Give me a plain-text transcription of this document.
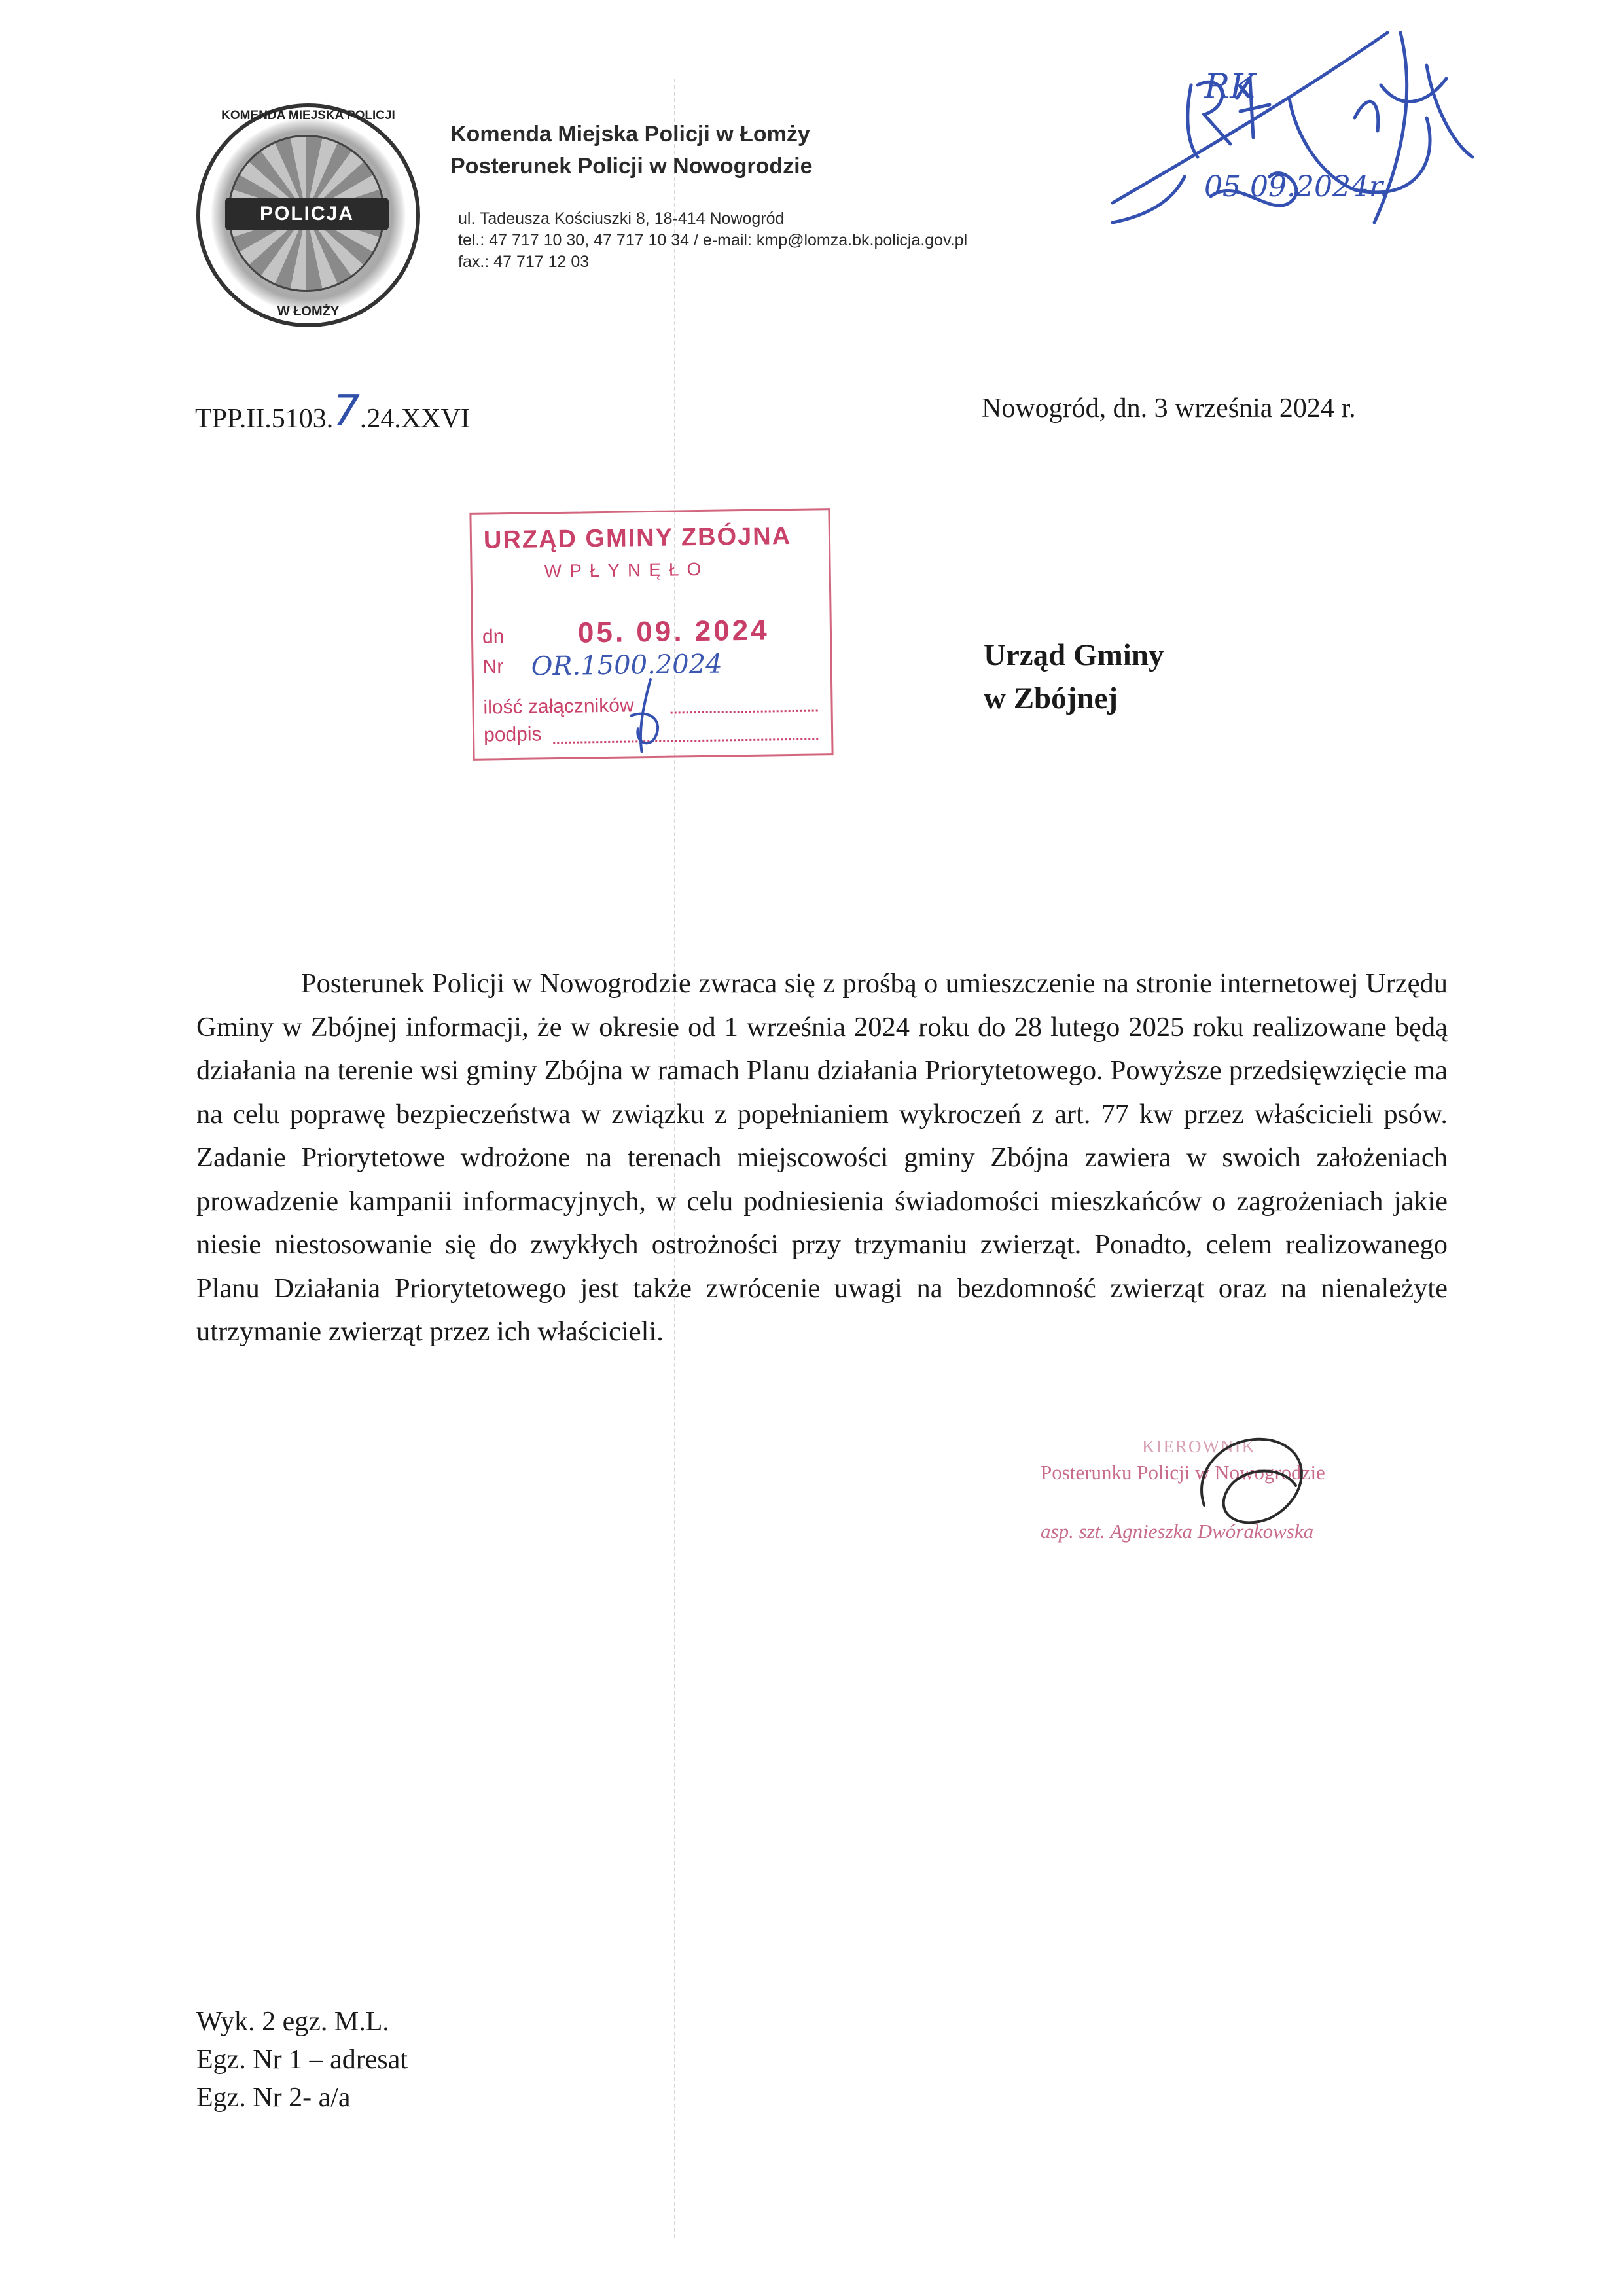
KOMENDA MIEJSKA POLICJI
POLICJA
W ŁOMŻY
Komenda Miejska Policji w Łomży
Posterunek Policji w Nowogrodzie
ul. Tadeusza Kościuszki 8, 18-414 Nowogród
tel.: 47 717 10 30, 47 717 10 34 / e-mail: kmp@lomza.bk.policja.gov.pl
fax.: 47 717 12 03
RK
05.09.2024r.
TPP.II.5103.7.24.XXVI	Nowogród, dn. 3 września 2024 r.
URZĄD GMINY ZBÓJNA
WPŁYNĘŁO
dn	05. 09. 2024
Nr OR.1500.2024
ilość załączników
podpis
Urząd Gminy
w Zbójnej
Posterunek Policji w Nowogrodzie zwraca się z prośbą o umieszczenie na stronie internetowej Urzędu Gminy w Zbójnej informacji, że w okresie od 1 września 2024 roku do 28 lutego 2025 roku realizowane będą działania na terenie wsi gminy Zbójna w ramach Planu działania Priorytetowego. Powyższe przedsięwzięcie ma na celu poprawę bezpieczeństwa w związku z popełnianiem wykroczeń z art. 77 kw przez właścicieli psów. Zadanie Priorytetowe wdrożone na terenach miejscowości gminy Zbójna zawiera w swoich założeniach prowadzenie kampanii informacyjnych, w celu podniesienia świadomości mieszkańców o zagrożeniach jakie niesie niestosowanie się do zwykłych ostrożności przy trzymaniu zwierząt. Ponadto, celem realizowanego Planu Działania Priorytetowego jest także zwrócenie uwagi na bezdomność zwierząt oraz na nienależyte utrzymanie zwierząt przez ich właścicieli.
KIEROWNIK
Posterunku Policji w Nowogrodzie
asp. szt. Agnieszka Dwórakowska
Wyk. 2 egz. M.L.
Egz. Nr 1 – adresat
Egz. Nr 2- a/a
